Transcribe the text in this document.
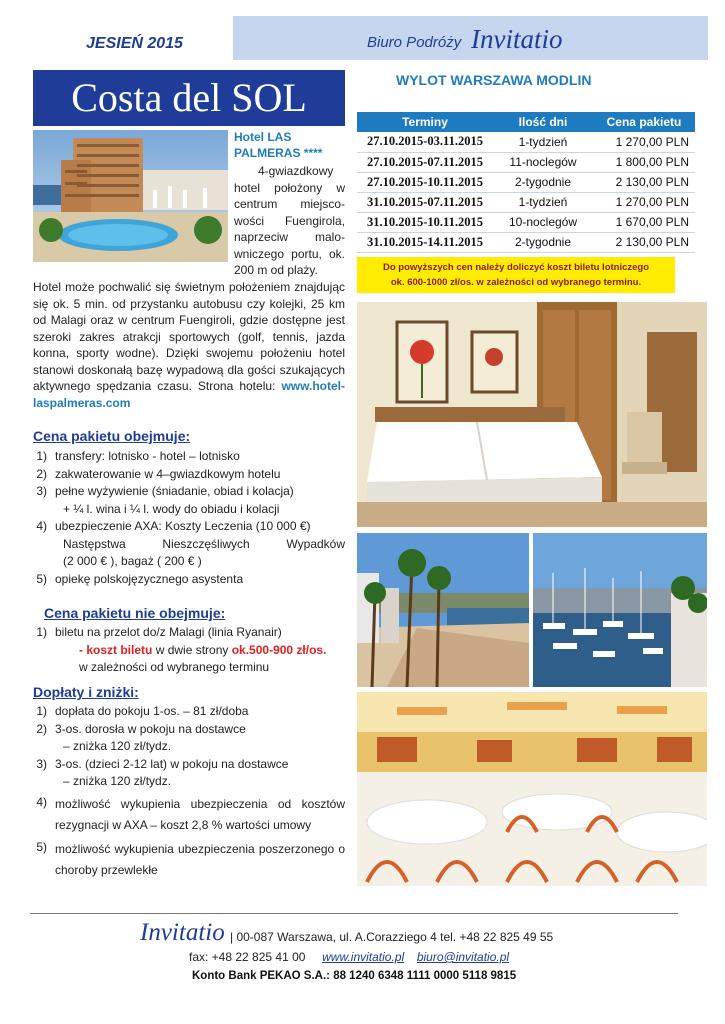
JESIEŃ 2015	Biuro Podróży Invitatio
Costa del SOL
Hotel LAS
PALMERAS ****
4-gwiazdkowy hotel położony w centrum miejsco-wości Fuengirola, naprzeciw malo-wniczego portu, ok. 200 m od plaży.
Hotel może pochwalić się świetnym położeniem znajdując się ok. 5 min. od przystanku autobusu czy kolejki, 25 km od Malagi oraz w centrum Fuengiroli, gdzie dostępne jest szeroki zakres atrakcji sportowych (golf, tennis, jazda konna, sporty wodne). Dzięki swojemu położeniu hotel stanowi doskonałą bazę wypadową dla gości szukających aktywnego spędzania czasu. Strona hotelu: www.hotel-laspalmeras.com
Cena pakietu obejmuje:
1) transfery: lotnisko - hotel – lotnisko
2) zakwaterowanie w 4–gwiazdkowym hotelu
3) pełne wyżywienie (śniadanie, obiad i kolacja)
+ ¼ l. wina i ¼ l. wody do obiadu i kolacji
4) ubezpieczenie AXA: Koszty Leczenia (10 000 €)
Następstwa Nieszczęśliwych Wypadków
(2 000 € ), bagaż ( 200 € )
5) opiekę polskojęzycznego asystenta
Cena pakietu nie obejmuje:
1) biletu na przelot do/z Malagi (linia Ryanair)
- koszt biletu w dwie strony ok.500-900 zł/os.
w zależności od wybranego terminu
Dopłaty i zniżki:
1) dopłata do pokoju 1-os. – 81 zł/doba
2) 3-os. dorosła w pokoju na dostawce
– zniżka 120 zł/tydz.
3) 3-os. (dzieci 2-12 lat) w pokoju na dostawce
– zniżka 120 zł/tydz.
4) możliwość wykupienia ubezpieczenia od kosztów rezygnacji w AXA – koszt 2,8 % wartości umowy
5) możliwość wykupienia ubezpieczenia poszerzonego o choroby przewlekłe
WYLOT WARSZAWA MODLIN
Terminy	Ilość dni	Cena pakietu
27.10.2015-03.11.2015	1-tydzień	1 270,00 PLN
27.10.2015-07.11.2015	11-noclegów	1 800,00 PLN
27.10.2015-10.11.2015	2-tygodnie	2 130,00 PLN
31.10.2015-07.11.2015	1-tydzień	1 270,00 PLN
31.10.2015-10.11.2015	10-noclegów	1 670,00 PLN
31.10.2015-14.11.2015	2-tygodnie	2 130,00 PLN
Do powyższych cen należy doliczyć koszt biletu lotniczego
ok. 600-1000 zł/os. w zależności od wybranego terminu.
Invitatio | 00-087 Warszawa, ul. A.Corazziego 4 tel. +48 22 825 49 55
fax: +48 22 825 41 00 www.invitatio.pl biuro@invitatio.pl
Konto Bank PEKAO S.A.: 88 1240 6348 1111 0000 5118 9815
